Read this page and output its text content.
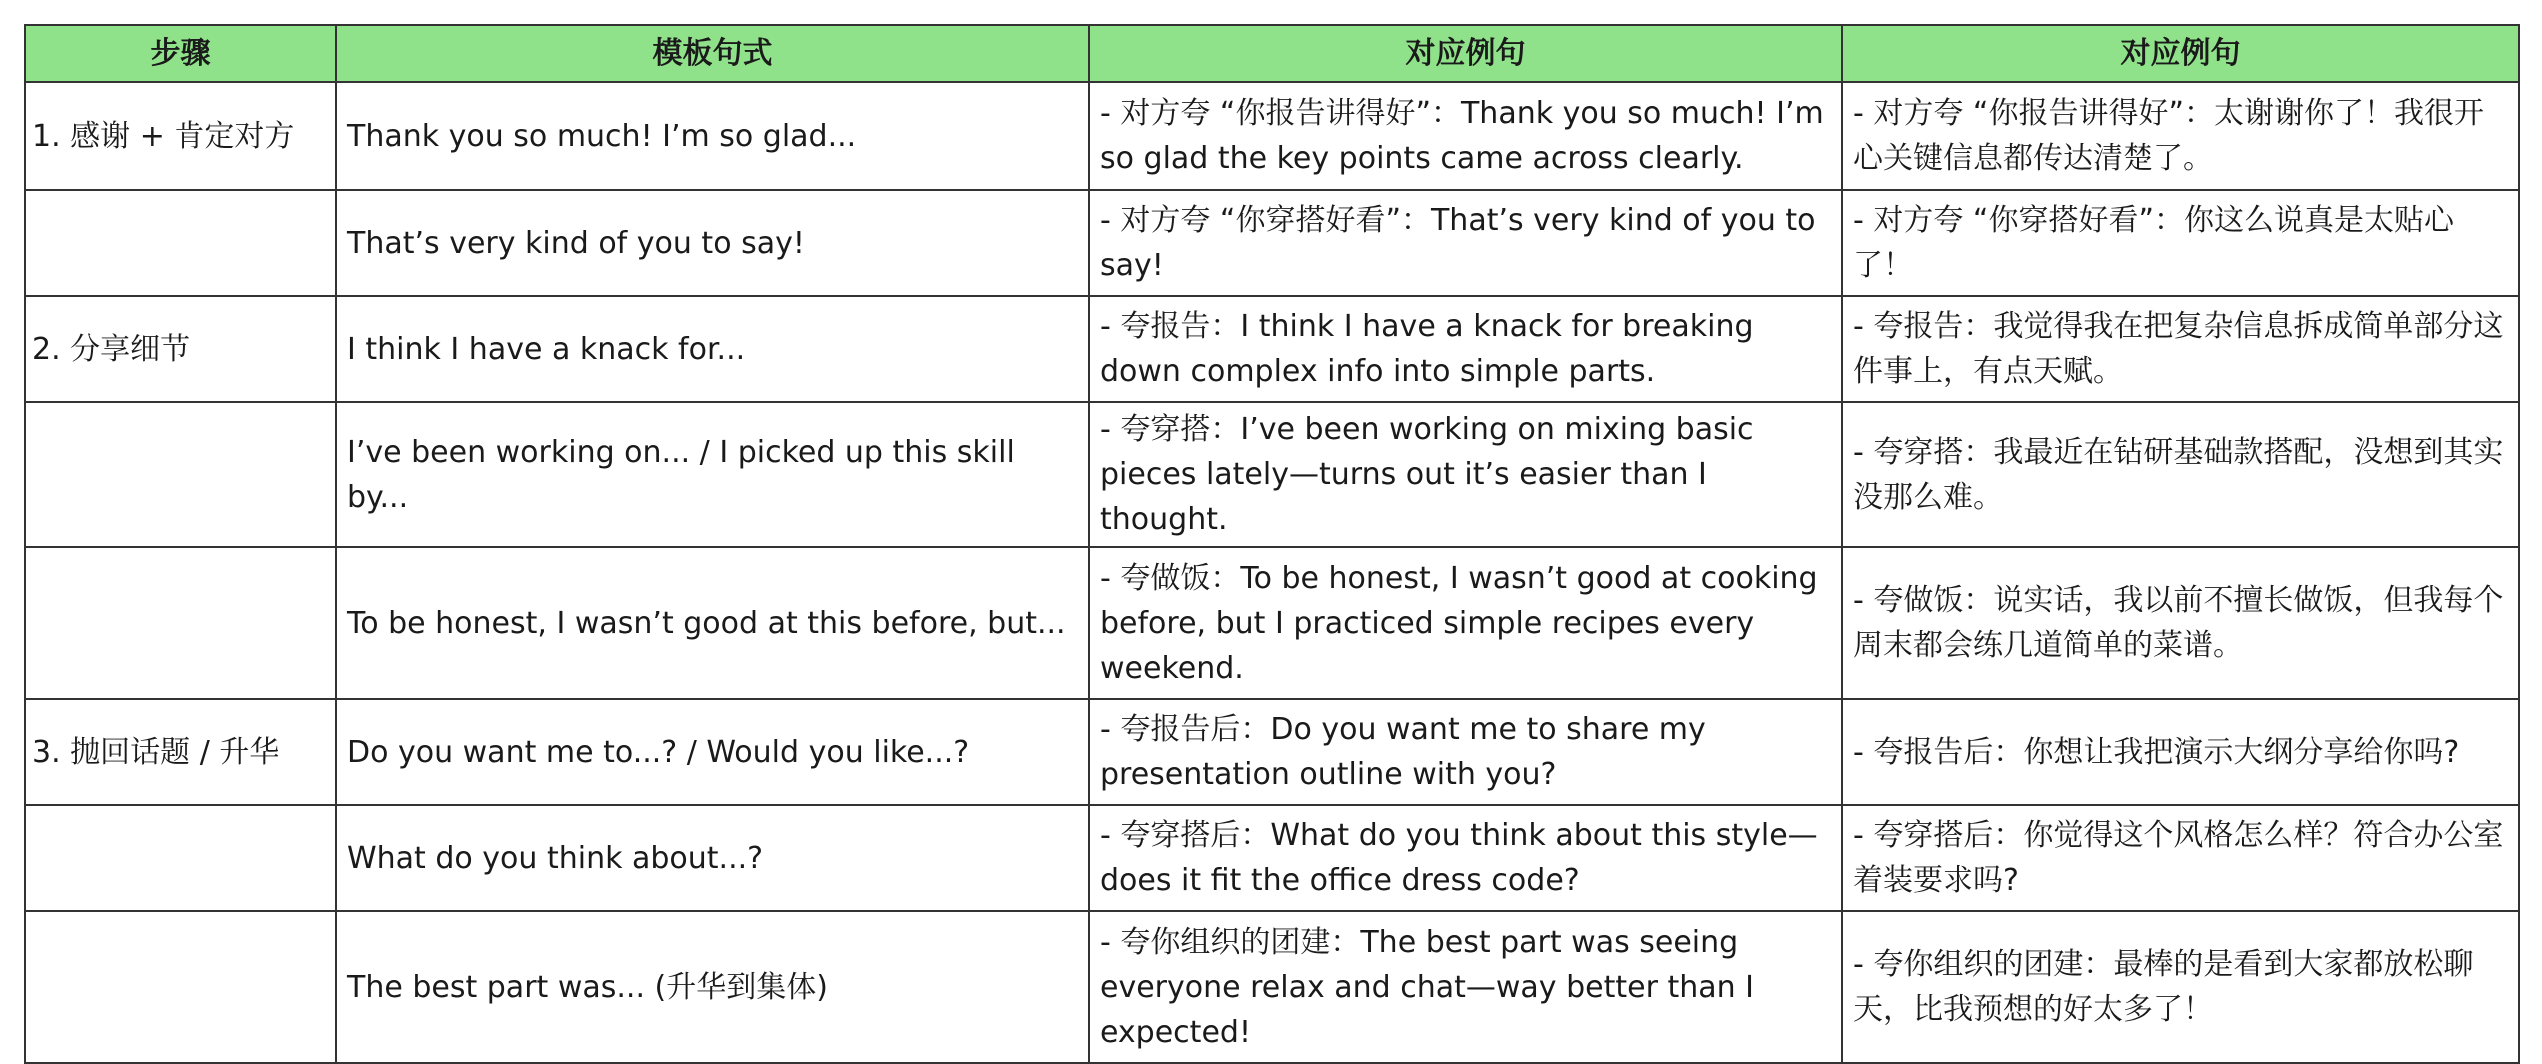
步骤	模板句式	对应例句	对应例句
1. 感谢 + 肯定对方	Thank you so much! I’m so glad...	- 对方夸 “你报告讲得好”：Thank you so much! I’m so glad the key points came across clearly.	- 对方夸 “你报告讲得好”：太谢谢你了！我很开心关键信息都传达清楚了。
	That’s very kind of you to say!	- 对方夸 “你穿搭好看”：That’s very kind of you to say!	- 对方夸 “你穿搭好看”：你这么说真是太贴心了！
2. 分享细节	I think I have a knack for...	- 夸报告：I think I have a knack for breaking down complex info into simple parts.	- 夸报告：我觉得我在把复杂信息拆成简单部分这件事上，有点天赋。
	I’ve been working on... / I picked up this skill by...	- 夸穿搭：I’ve been working on mixing basic pieces lately—turns out it’s easier than I thought.	- 夸穿搭：我最近在钻研基础款搭配，没想到其实没那么难。
	To be honest, I wasn’t good at this before, but...	- 夸做饭：To be honest, I wasn’t good at cooking before, but I practiced simple recipes every weekend.	- 夸做饭：说实话，我以前不擅长做饭，但我每个周末都会练几道简单的菜谱。
3. 抛回话题 / 升华	Do you want me to...? / Would you like...?	- 夸报告后：Do you want me to share my presentation outline with you?	- 夸报告后：你想让我把演示大纲分享给你吗?
	What do you think about...?	- 夸穿搭后：What do you think about this style—does it fit the office dress code?	- 夸穿搭后：你觉得这个风格怎么样？符合办公室着装要求吗?
	The best part was... (升华到集体)	- 夸你组织的团建：The best part was seeing everyone relax and chat—way better than I expected!	- 夸你组织的团建：最棒的是看到大家都放松聊天，比我预想的好太多了！
